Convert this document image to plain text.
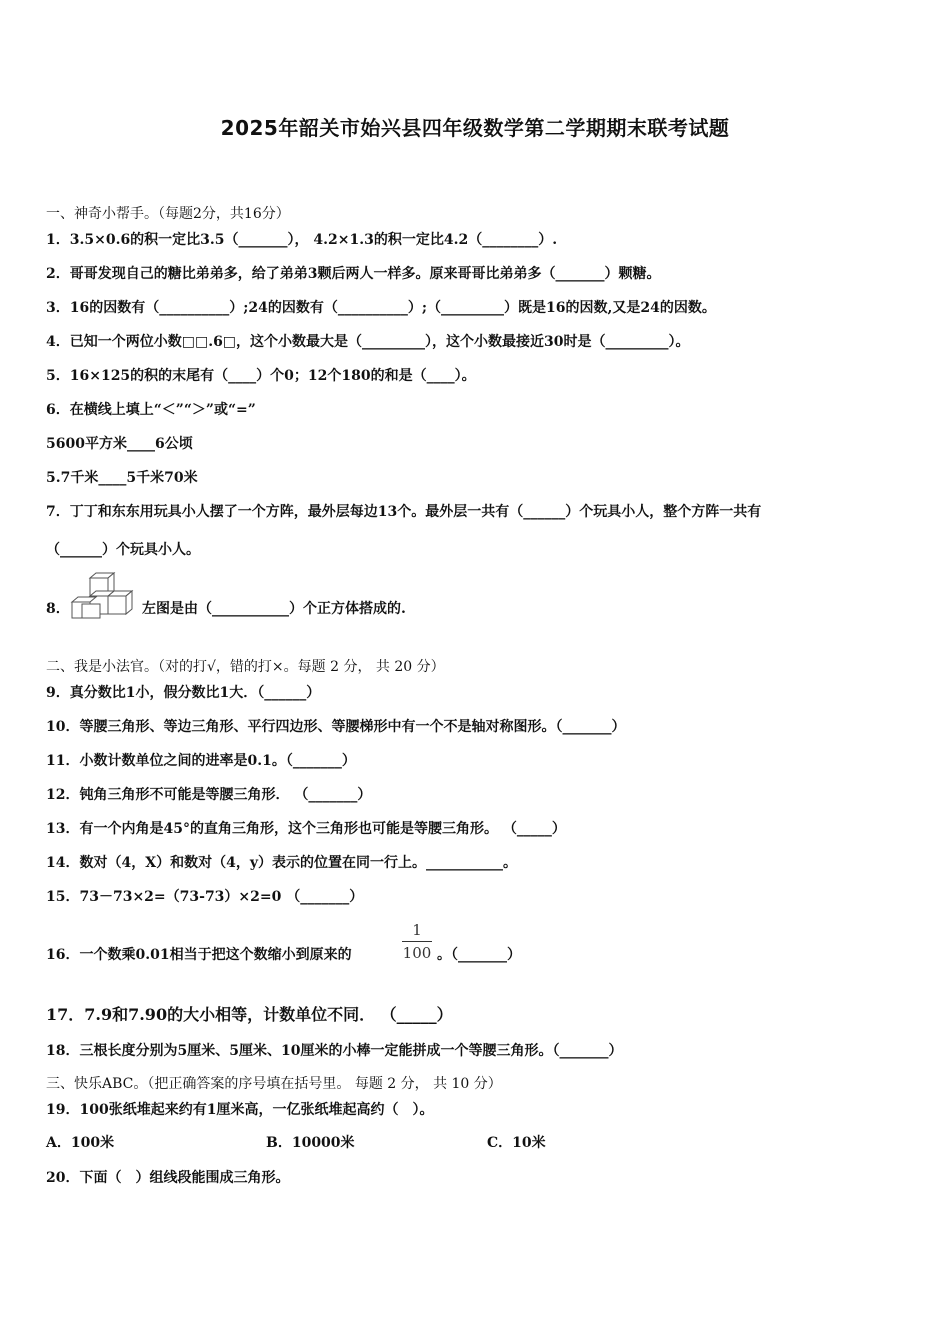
2025年韶关市始兴县四年级数学第二学期期末联考试题
一、神奇小帮手。（每题2分，共16分）
1．3.5×0.6的积一定比3.5（_______）， 4.2×1.3的积一定比4.2（________）.
2．哥哥发现自己的糖比弟弟多，给了弟弟3颗后两人一样多。原来哥哥比弟弟多（_______）颗糖。
3．16的因数有（__________）;24的因数有（__________）;（_________）既是16的因数,又是24的因数。
4．已知一个两位小数□□.6□，这个小数最大是（_________），这个小数最接近30时是（_________）。
5．16×125的积的末尾有（____）个0；12个180的和是（____）。
6．在横线上填上“＜”“＞”或“=”
5600平方米____6公顷
5.7千米____5千米70米
7．丁丁和东东用玩具小人摆了一个方阵，最外层每边13个。最外层一共有（______）个玩具小人，整个方阵一共有
（______）个玩具小人。
8．	左图是由（___________）个正方体搭成的.
二、我是小法官。（对的打√，错的打×。每题 2 分， 共 20 分）
9．真分数比1小，假分数比1大．（______）
10．等腰三角形、等边三角形、平行四边形、等腰梯形中有一个不是轴对称图形。（_______）
11．小数计数单位之间的进率是0.1。（_______）
12．钝角三角形不可能是等腰三角形． （_______）
13．有一个内角是45°的直角三角形，这个三角形也可能是等腰三角形。 （_____）
14．数对（4，X）和数对（4，y）表示的位置在同一行上。___________。
15．73－73×2=（73-73）×2=0 （_______）
16．一个数乘0.01相当于把这个数缩小到原来的
1
100 。（_______）
17．7.9和7.90的大小相等，计数单位不同． （_____）
18．三根长度分别为5厘米、5厘米、10厘米的小棒一定能拼成一个等腰三角形。（_______）
三、快乐ABC。（把正确答案的序号填在括号里。 每题 2 分， 共 10 分）
19．100张纸堆起来约有1厘米高，一亿张纸堆起高约（　）。
A．100米	B．10000米	C．10米
20．下面（　）组线段能围成三角形。
